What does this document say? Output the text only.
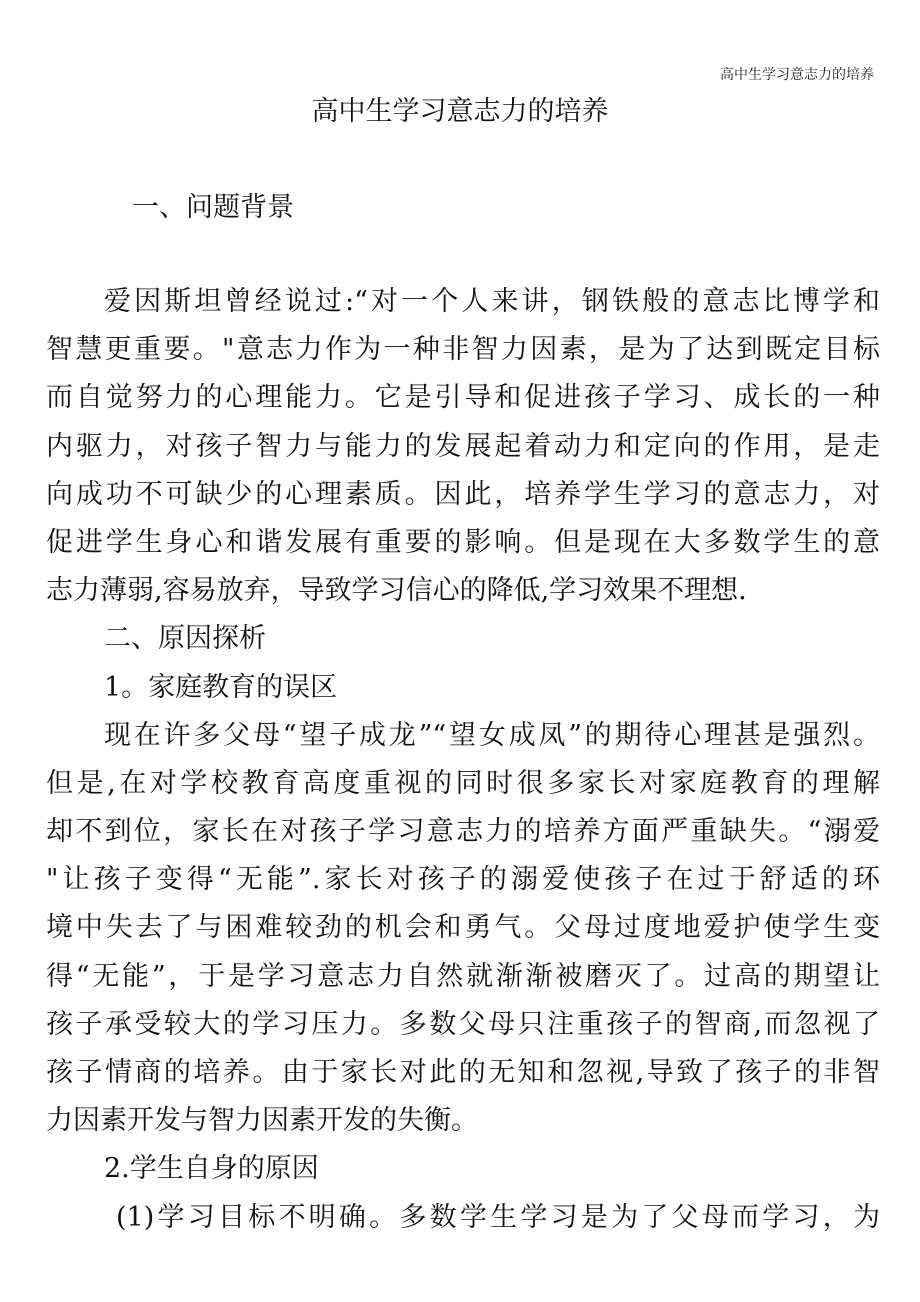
高中生学习意志力的培养
高中生学习意志力的培养
一、问题背景
爱因斯坦曾经说过:“对一个人来讲，钢铁般的意志比博学和
智慧更重要。"意志力作为一种非智力因素，是为了达到既定目标
而自觉努力的心理能力。它是引导和促进孩子学习、成长的一种
内驱力，对孩子智力与能力的发展起着动力和定向的作用，是走
向成功不可缺少的心理素质。因此，培养学生学习的意志力，对
促进学生身心和谐发展有重要的影响。但是现在大多数学生的意
志力薄弱,容易放弃，导致学习信心的降低,学习效果不理想.
二、原因探析
1。家庭教育的误区
现在许多父母“望子成龙”“望女成凤”的期待心理甚是强烈。
但是,在对学校教育高度重视的同时很多家长对家庭教育的理解
却不到位，家长在对孩子学习意志力的培养方面严重缺失。“溺爱
"让孩子变得“无能”.家长对孩子的溺爱使孩子在过于舒适的环
境中失去了与困难较劲的机会和勇气。父母过度地爱护使学生变
得“无能”，于是学习意志力自然就渐渐被磨灭了。过高的期望让
孩子承受较大的学习压力。多数父母只注重孩子的智商,而忽视了
孩子情商的培养。由于家长对此的无知和忽视,导致了孩子的非智
力因素开发与智力因素开发的失衡。
2.学生自身的原因
(1)学习目标不明确。多数学生学习是为了父母而学习，为
